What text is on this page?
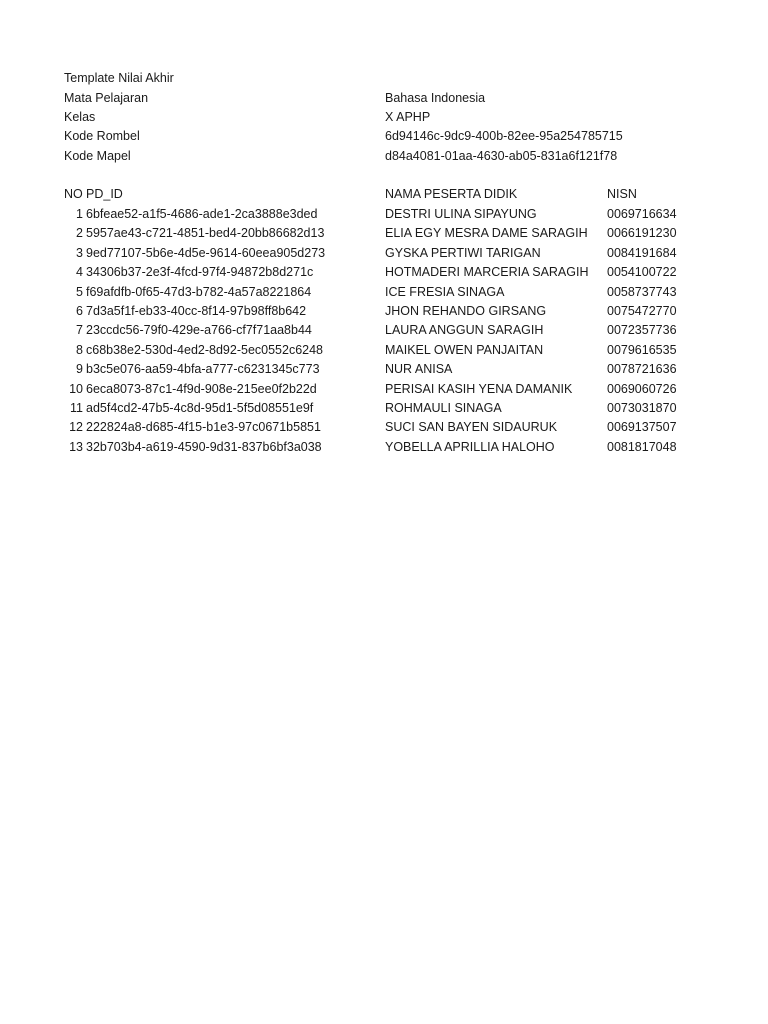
Template Nilai Akhir
Mata Pelajaran	Bahasa Indonesia
Kelas	X APHP
Kode Rombel	6d94146c-9dc9-400b-82ee-95a254785715
Kode Mapel	d84a4081-01aa-4630-ab05-831a6f121f78
NO PD_ID	NAMA PESERTA DIDIK	NISN
1 6bfeae52-a1f5-4686-ade1-2ca3888e3ded	DESTRI ULINA SIPAYUNG	0069716634
2 5957ae43-c721-4851-bed4-20bb86682d13	ELIA EGY MESRA DAME SARAGIH 0066191230
3 9ed77107-5b6e-4d5e-9614-60eea905d273	GYSKA PERTIWI TARIGAN	0084191684
4 34306b37-2e3f-4fcd-97f4-94872b8d271c	HOTMADERI MARCERIA SARAGIH 0054100722
5 f69afdfb-0f65-47d3-b782-4a57a8221864	ICE FRESIA SINAGA	0058737743
6 7d3a5f1f-eb33-40cc-8f14-97b98ff8b642	JHON REHANDO GIRSANG	0075472770
7 23ccdc56-79f0-429e-a766-cf7f71aa8b44	LAURA ANGGUN SARAGIH	0072357736
8 c68b38e2-530d-4ed2-8d92-5ec0552c6248	MAIKEL OWEN PANJAITAN	0079616535
9 b3c5e076-aa59-4bfa-a777-c6231345c773	NUR ANISA	0078721636
10 6eca8073-87c1-4f9d-908e-215ee0f2b22d	PERISAI KASIH YENA DAMANIK	0069060726
11 ad5f4cd2-47b5-4c8d-95d1-5f5d08551e9f	ROHMAULI SINAGA	0073031870
12 222824a8-d685-4f15-b1e3-97c0671b5851	SUCI SAN BAYEN SIDAURUK	0069137507
13 32b703b4-a619-4590-9d31-837b6bf3a038	YOBELLA APRILLIA HALOHO	0081817048
